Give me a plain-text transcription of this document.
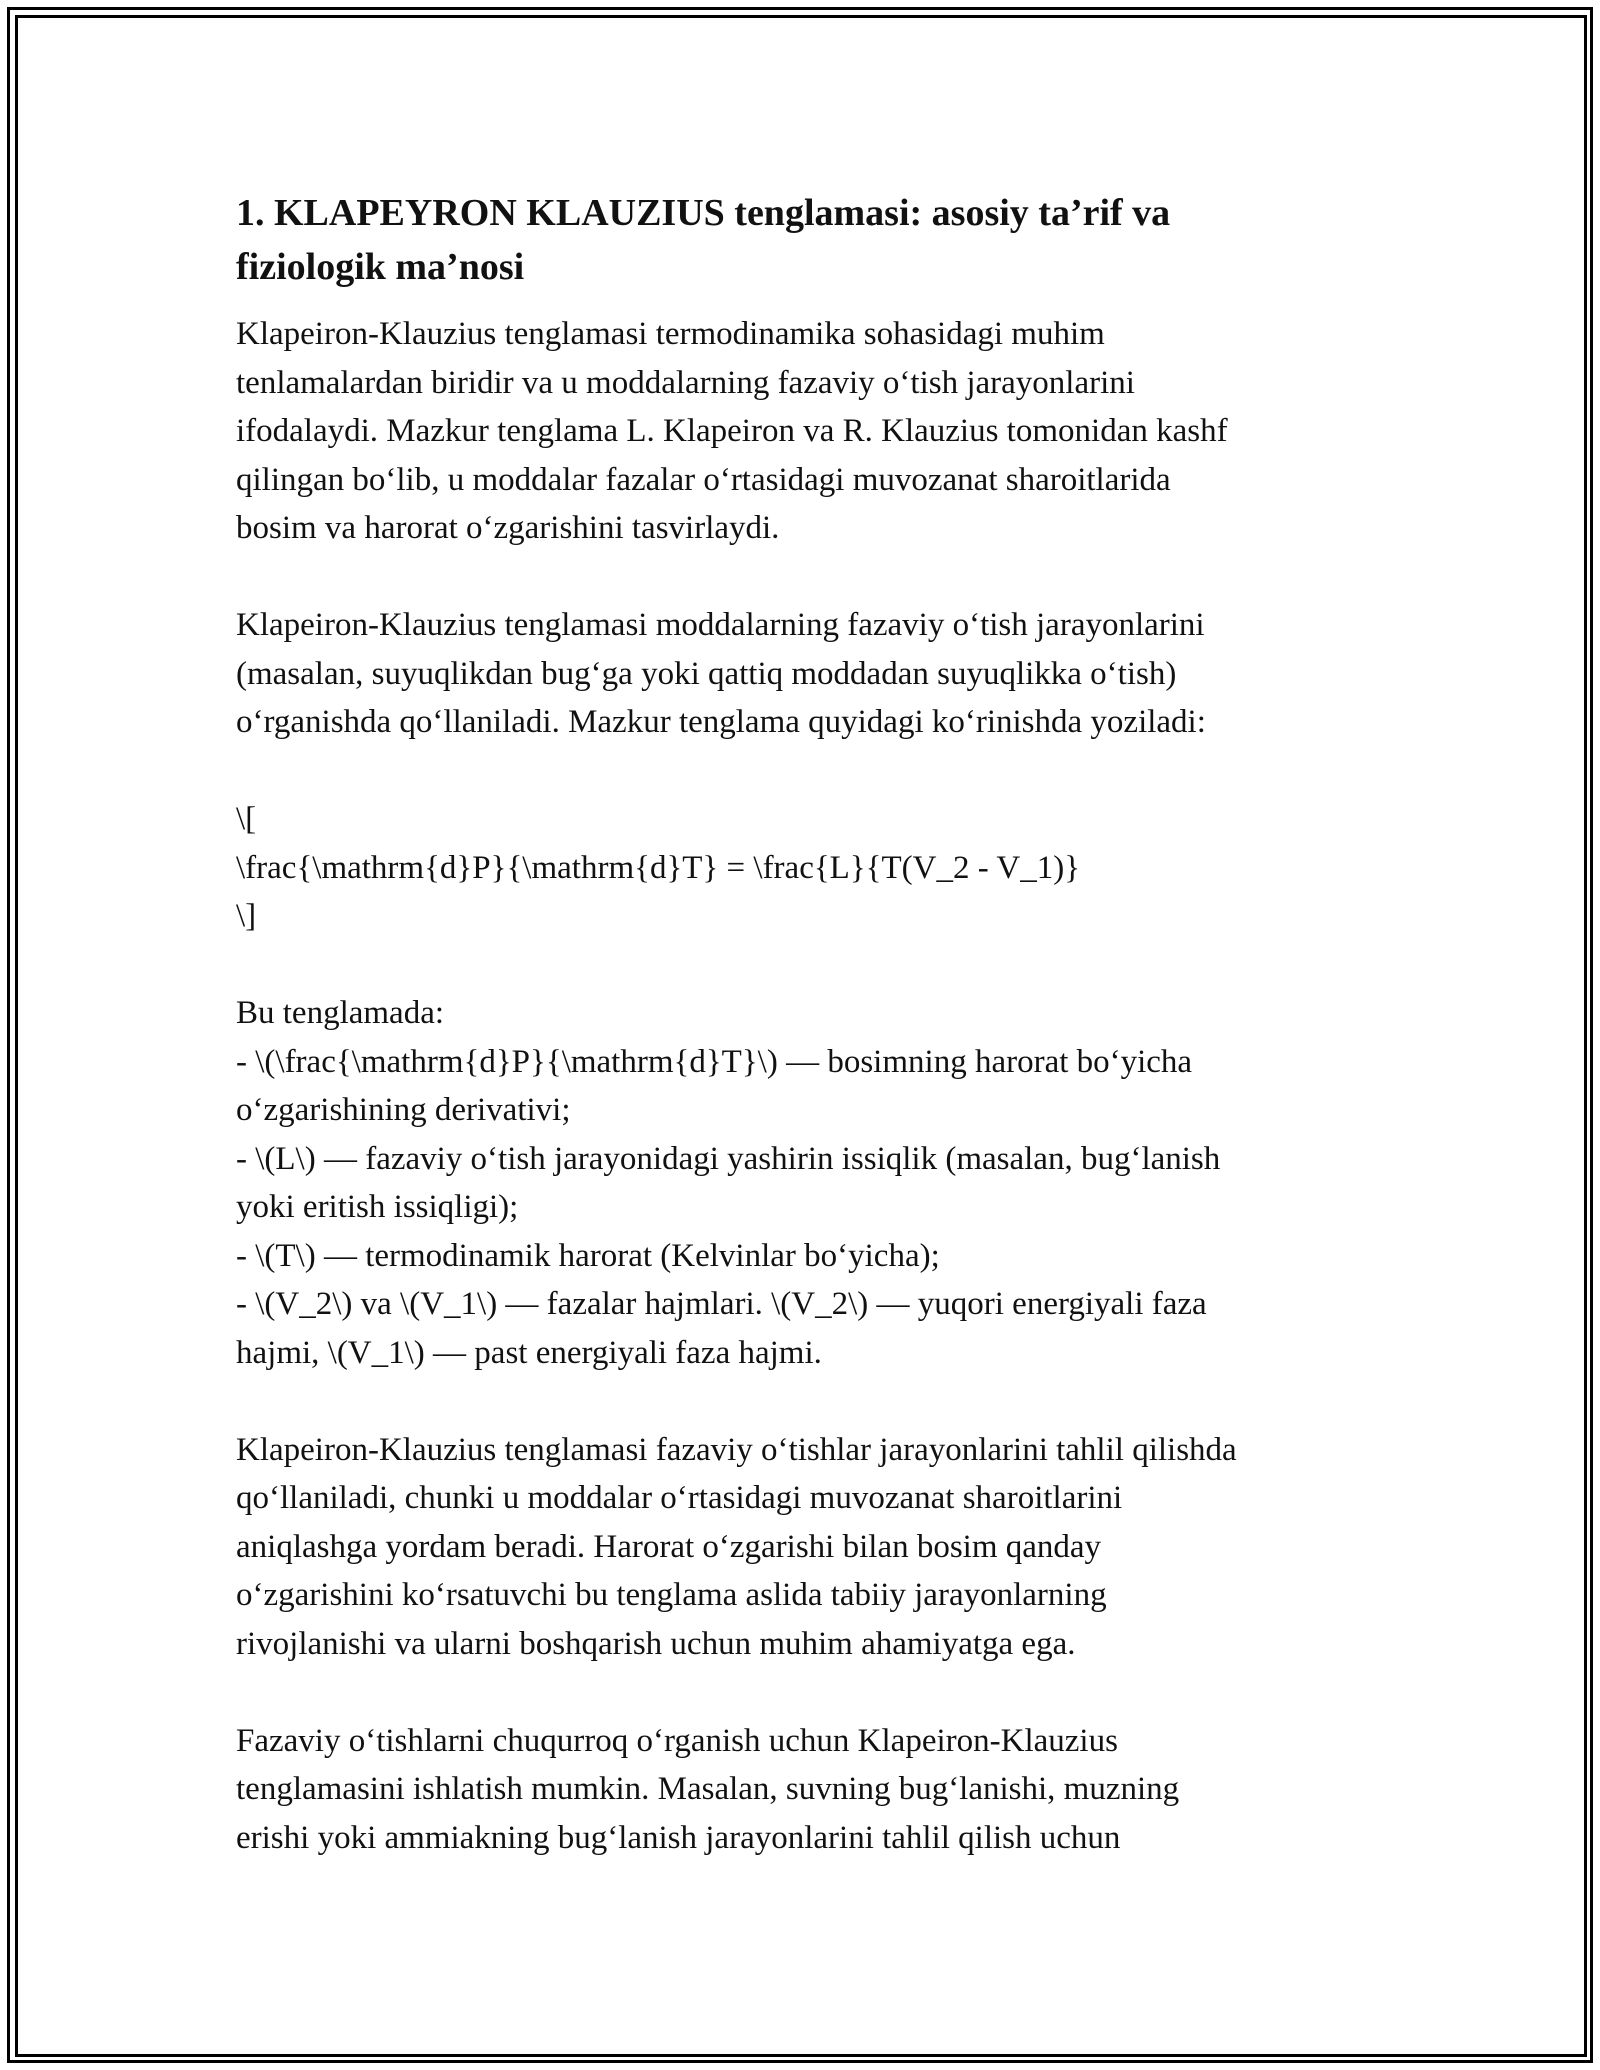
1. KLAPEYRON KLAUZIUS tenglamasi: asosiy ta’rif va
fiziologik ma’nosi
Klapeiron-Klauzius tenglamasi termodinamika sohasidagi muhim
tenlamalardan biridir va u moddalarning fazaviy o‘tish jarayonlarini
ifodalaydi. Mazkur tenglama L. Klapeiron va R. Klauzius tomonidan kashf
qilingan bo‘lib, u moddalar fazalar o‘rtasidagi muvozanat sharoitlarida
bosim va harorat o‘zgarishini tasvirlaydi.
Klapeiron-Klauzius tenglamasi moddalarning fazaviy o‘tish jarayonlarini
(masalan, suyuqlikdan bug‘ga yoki qattiq moddadan suyuqlikka o‘tish)
o‘rganishda qo‘llaniladi. Mazkur tenglama quyidagi ko‘rinishda yoziladi:
\[
\frac{\mathrm{d}P}{\mathrm{d}T} = \frac{L}{T(V_2 - V_1)}
\]
Bu tenglamada:
- \(\frac{\mathrm{d}P}{\mathrm{d}T}\) — bosimning harorat bo‘yicha
o‘zgarishining derivativi;
- \(L\) — fazaviy o‘tish jarayonidagi yashirin issiqlik (masalan, bug‘lanish
yoki eritish issiqligi);
- \(T\) — termodinamik harorat (Kelvinlar bo‘yicha);
- \(V_2\) va \(V_1\) — fazalar hajmlari. \(V_2\) — yuqori energiyali faza
hajmi, \(V_1\) — past energiyali faza hajmi.
Klapeiron-Klauzius tenglamasi fazaviy o‘tishlar jarayonlarini tahlil qilishda
qo‘llaniladi, chunki u moddalar o‘rtasidagi muvozanat sharoitlarini
aniqlashga yordam beradi. Harorat o‘zgarishi bilan bosim qanday
o‘zgarishini ko‘rsatuvchi bu tenglama aslida tabiiy jarayonlarning
rivojlanishi va ularni boshqarish uchun muhim ahamiyatga ega.
Fazaviy o‘tishlarni chuqurroq o‘rganish uchun Klapeiron-Klauzius
tenglamasini ishlatish mumkin. Masalan, suvning bug‘lanishi, muzning
erishi yoki ammiakning bug‘lanish jarayonlarini tahlil qilish uchun
